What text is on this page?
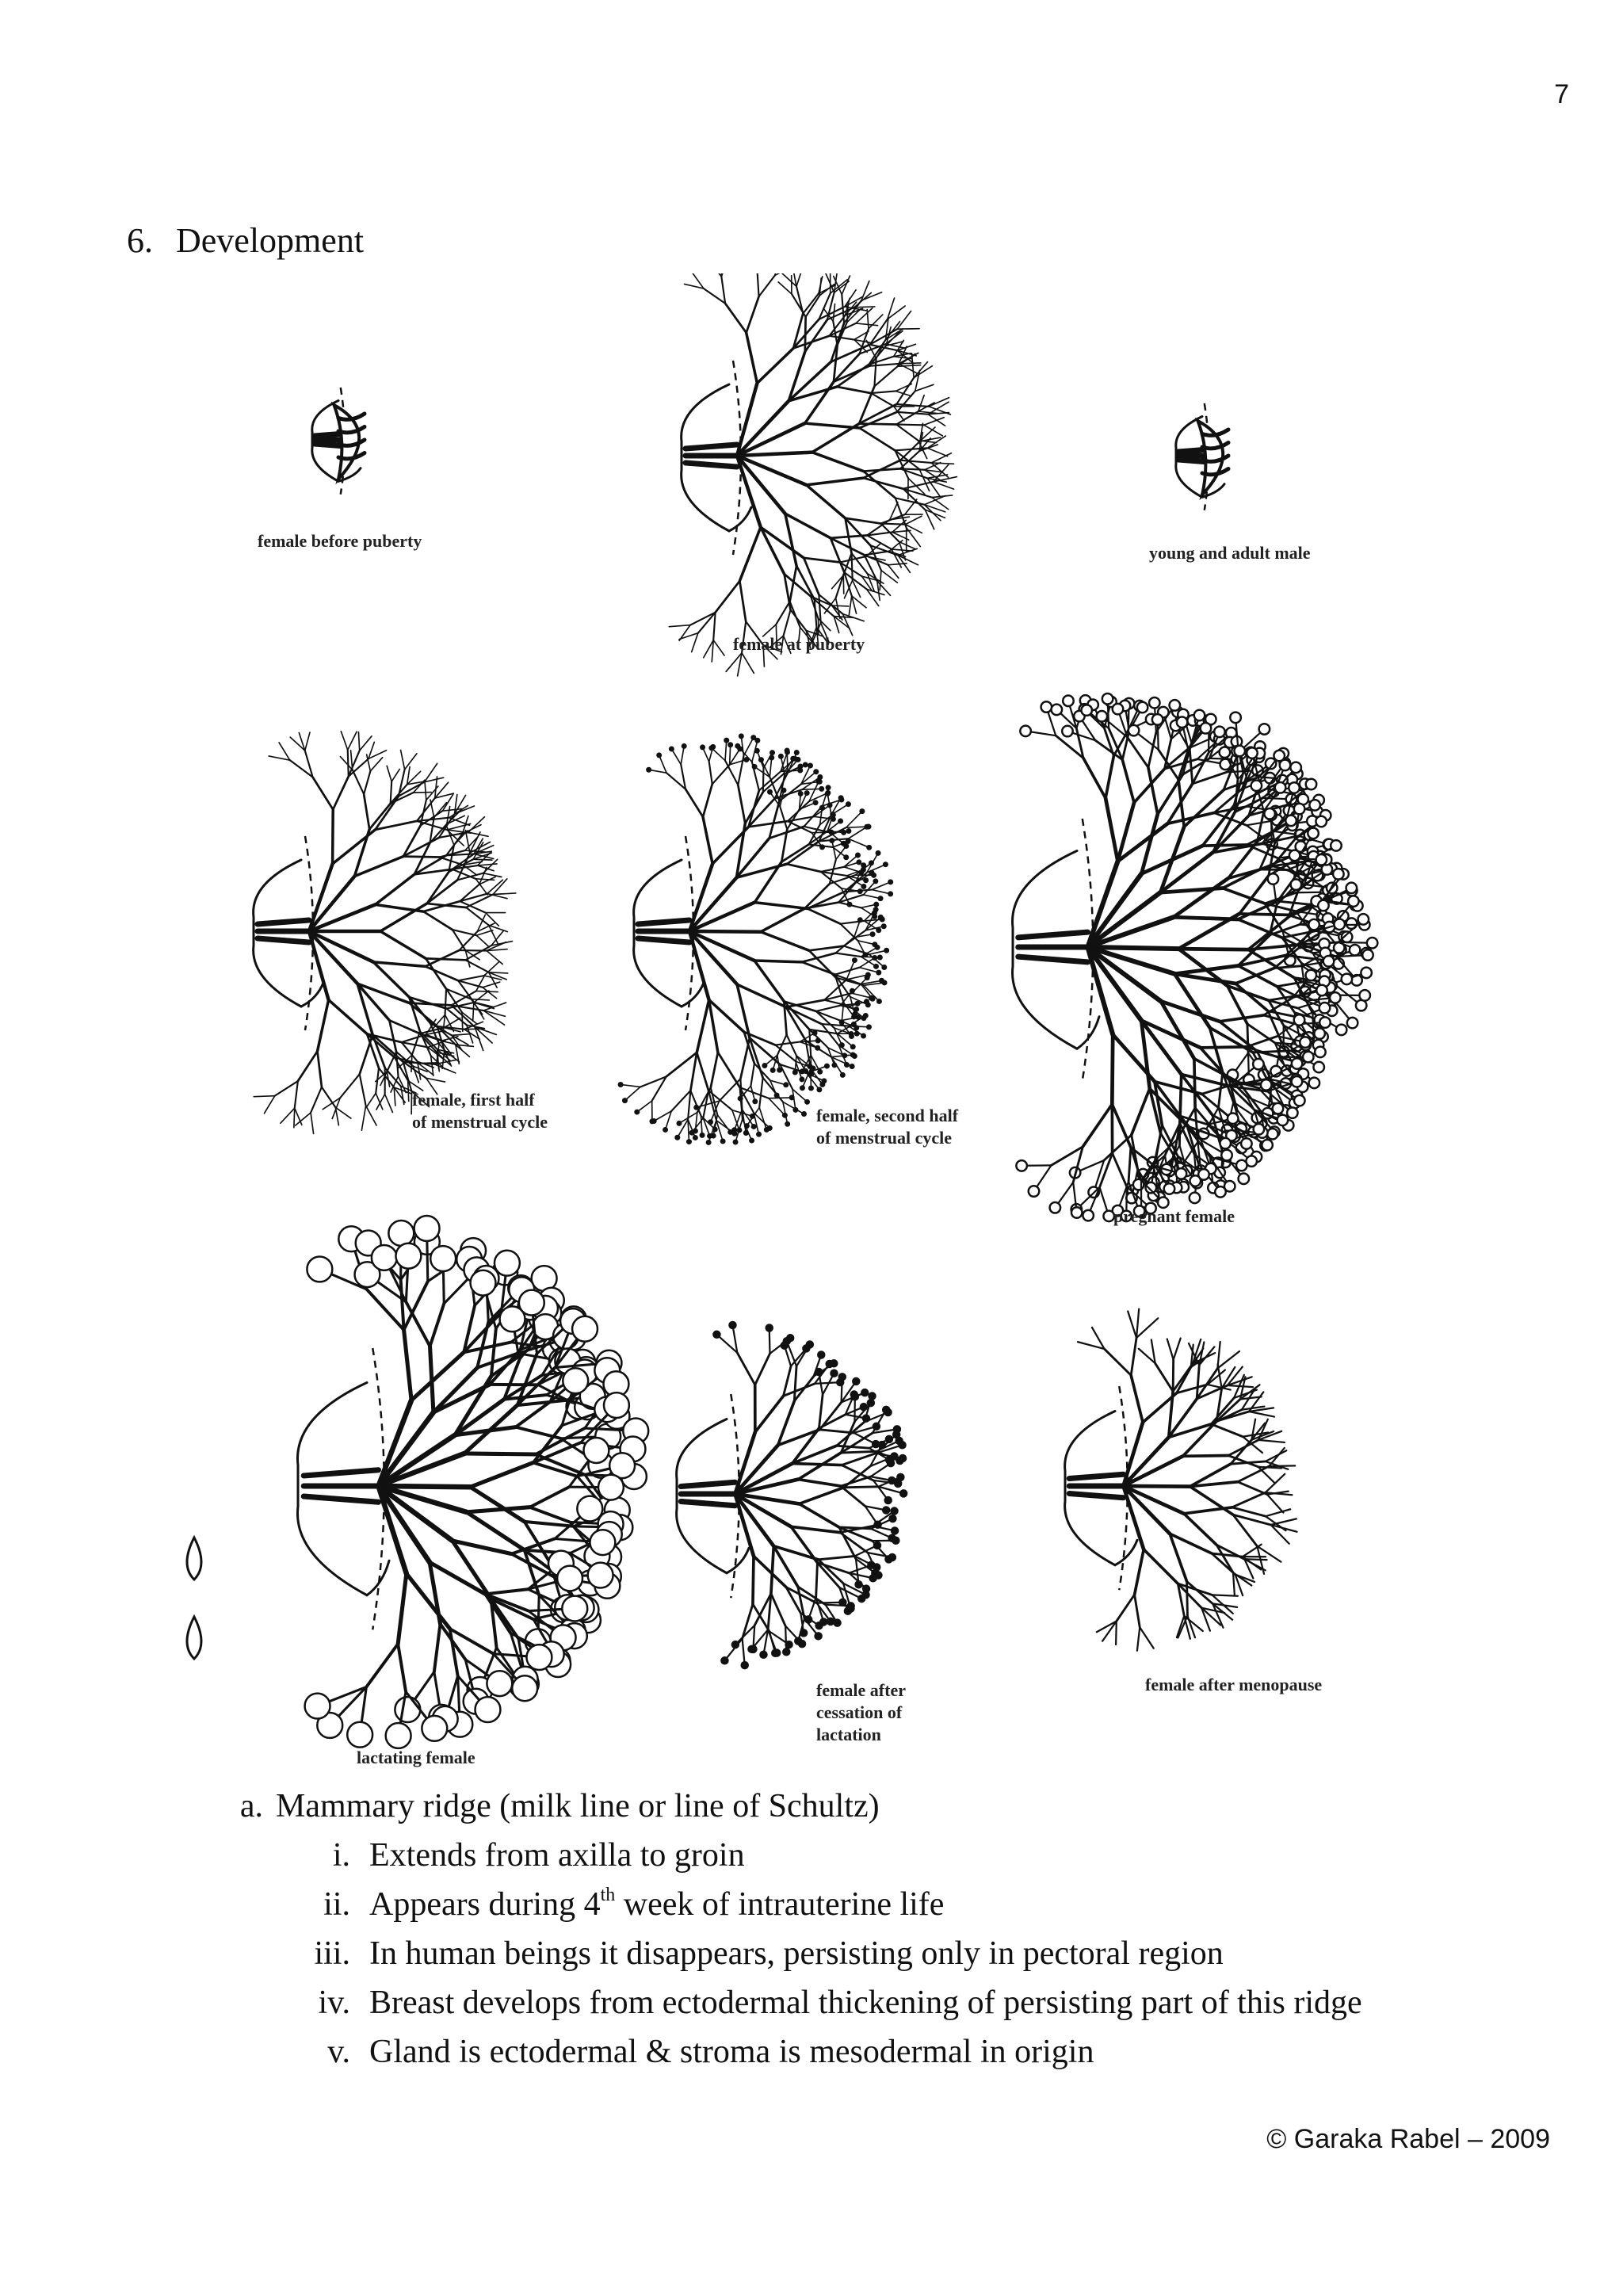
7
6. Development
female before puberty
female at puberty
young and adult male
female, first half
of menstrual cycle	female, second half
of menstrual cycle
pregnant female
lactating female
female after
cessation of
lactation
female after menopause
a. Mammary ridge (milk line or line of Schultz)
i. Extends from axilla to groin
ii. Appears during 4th week of intrauterine life
iii. In human beings it disappears, persisting only in pectoral region
iv. Breast develops from ectodermal thickening of persisting part of this ridge
v. Gland is ectodermal & stroma is mesodermal in origin
© Garaka Rabel – 2009
